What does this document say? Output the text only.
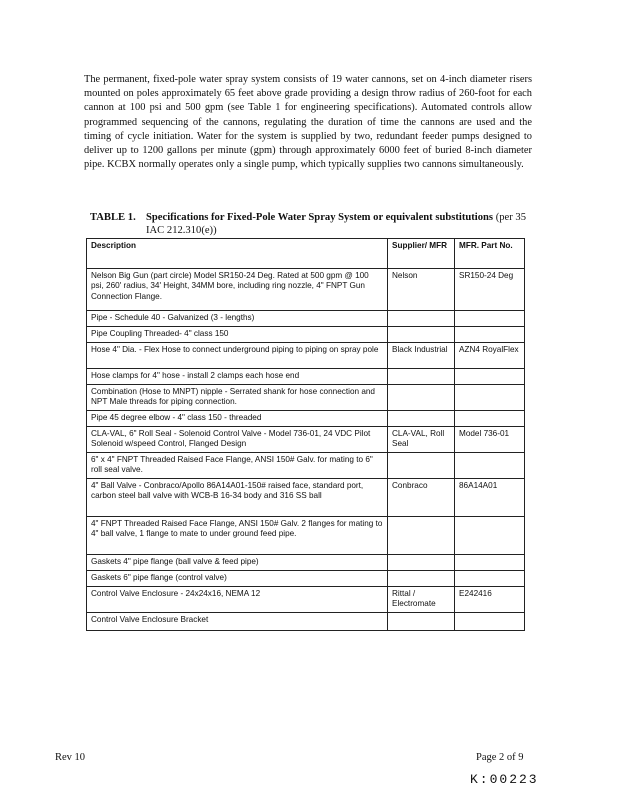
The permanent, fixed-pole water spray system consists of 19 water cannons, set on 4-inch diameter risers mounted on poles approximately 65 feet above grade providing a design throw radius of 260-foot for each cannon at 100 psi and 500 gpm (see Table 1 for engineering specifications). Automated controls allow programmed sequencing of the cannons, regulating the duration of time the cannons are used and the timing of cycle initiation. Water for the system is supplied by two, redundant feeder pumps designed to deliver up to 1200 gallons per minute (gpm) through approximately 6000 feet of buried 8-inch diameter pipe. KCBX normally operates only a single pump, which typically supplies two cannons simultaneously.

TABLE 1. Specifications for Fixed-Pole Water Spray System or equivalent substitutions (per 35 IAC 212.310(e))
Description	Supplier/ MFR	MFR. Part No.
Nelson Big Gun (part circle) Model SR150-24 Deg. Rated at 500 gpm @ 100 psi, 260' radius, 34' Height, 34MM bore, including ring nozzle, 4" FNPT Gun Connection Flange.	Nelson	SR150-24 Deg
Pipe - Schedule 40 - Galvanized (3 - lengths)		
Pipe Coupling Threaded- 4" class 150		
Hose 4" Dia. - Flex Hose to connect underground piping to piping on spray pole	Black Industrial	AZN4 RoyalFlex
Hose clamps for 4" hose - install 2 clamps each hose end		
Combination (Hose to MNPT) nipple - Serrated shank for hose connection and NPT Male threads for piping connection.		
Pipe 45 degree elbow - 4" class 150 - threaded		
CLA-VAL, 6" Roll Seal - Solenoid Control Valve - Model 736-01, 24 VDC Pilot Solenoid w/speed Control, Flanged Design	CLA-VAL, Roll Seal	Model 736-01
6" x 4" FNPT Threaded Raised Face Flange, ANSI 150# Galv. for mating to 6" roll seal valve.		
4" Ball Valve - Conbraco/Apollo 86A14A01-150# raised face, standard port, carbon steel ball valve with WCB-B 16-34 body and 316 SS ball	Conbraco	86A14A01
4" FNPT Threaded Raised Face Flange, ANSI 150# Galv. 2 flanges for mating to 4" ball valve, 1 flange to mate to under ground feed pipe.		
Gaskets 4" pipe flange (ball valve & feed pipe)		
Gaskets 6" pipe flange (control valve)		
Control Valve Enclosure - 24x24x16, NEMA 12	Rittal / Electromate	E242416
Control Valve Enclosure Bracket		
Rev 10	Page 2 of 9
K:00223
